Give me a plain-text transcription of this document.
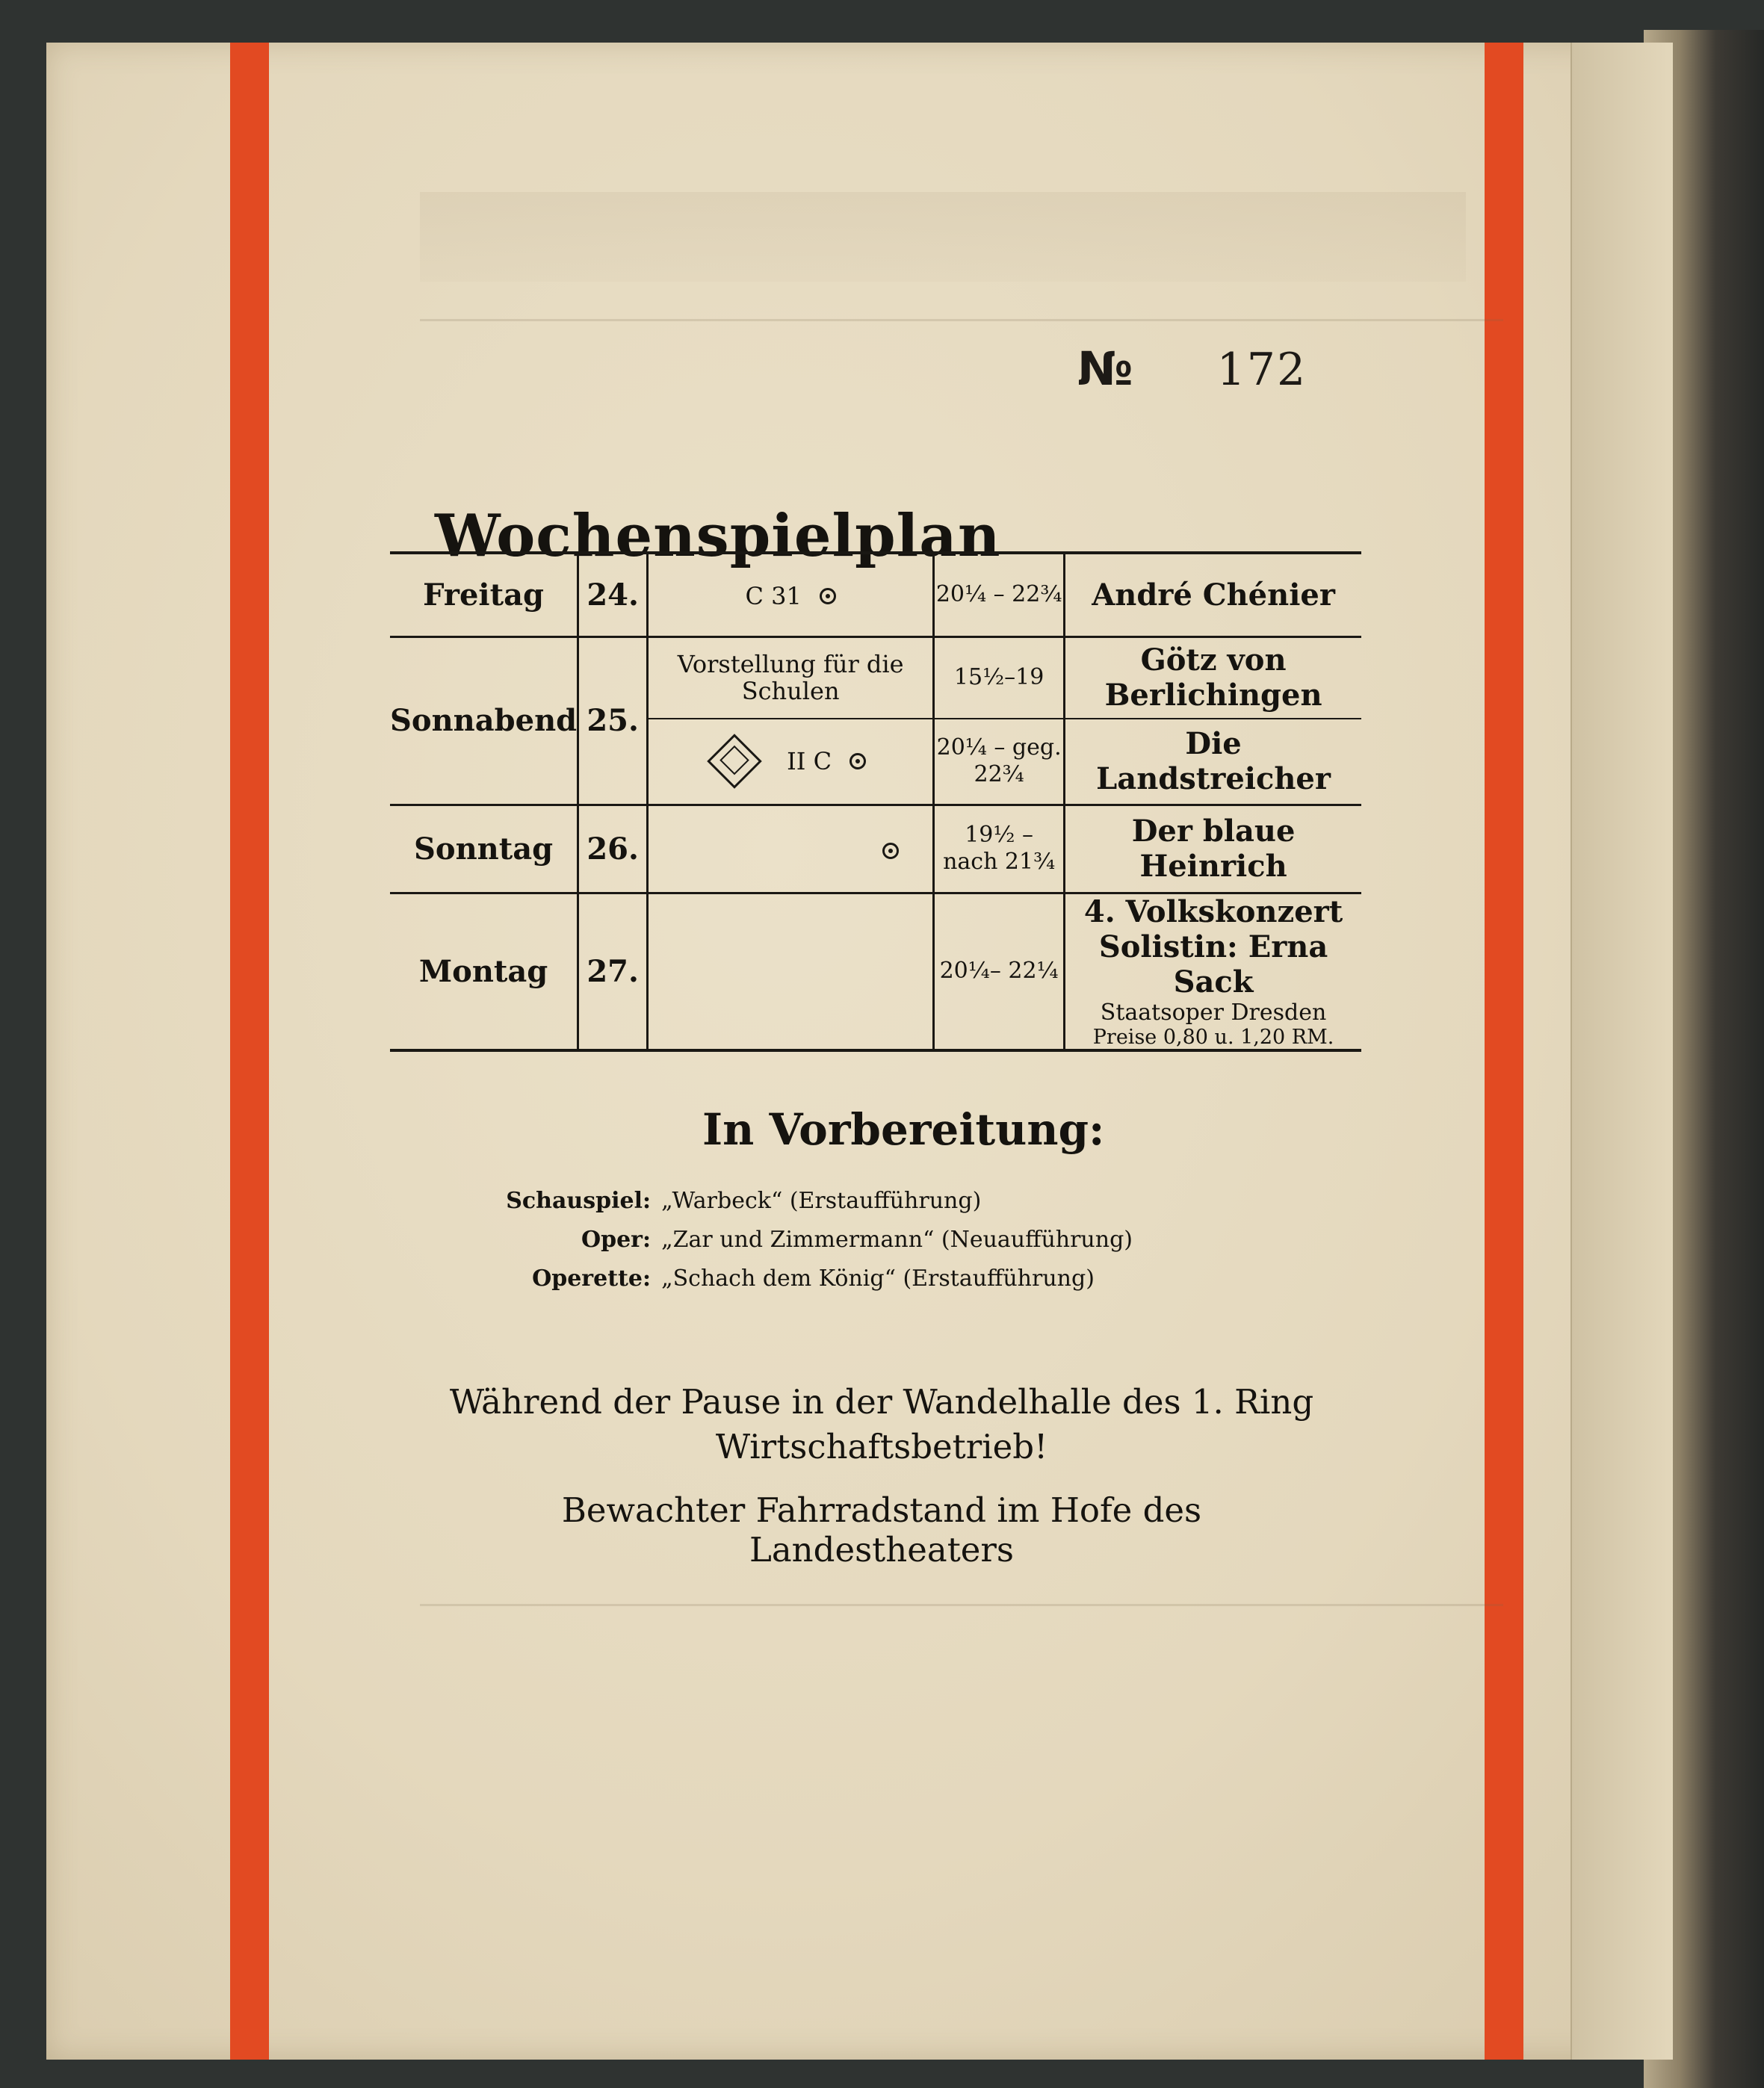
№ 172
Wochenspielplan
Freitag	24.	C 31	20¼ – 22¾	André Chénier
Sonnabend	25.	Vorstellung für die Schulen	15½–19	Götz von Berlichingen
		II C	20¼ – geg. 22¾	Die Landstreicher
Sonntag	26.		19½ – nach 21¾	Der blaue Heinrich
Montag	27.		20¼– 22¼	4. Volkskonzert
Solistin: Erna Sack
Staatsoper Dresden
Preise 0,80 u. 1,20 RM.
In Vorbereitung:
Schauspiel: „Warbeck“ (Erstaufführung)
Oper: „Zar und Zimmermann“ (Neuaufführung)
Operette: „Schach dem König“ (Erstaufführung)
Während der Pause in der Wandelhalle des 1. Ring
Wirtschaftsbetrieb!
Bewachter Fahrradstand im Hofe des Landestheaters
